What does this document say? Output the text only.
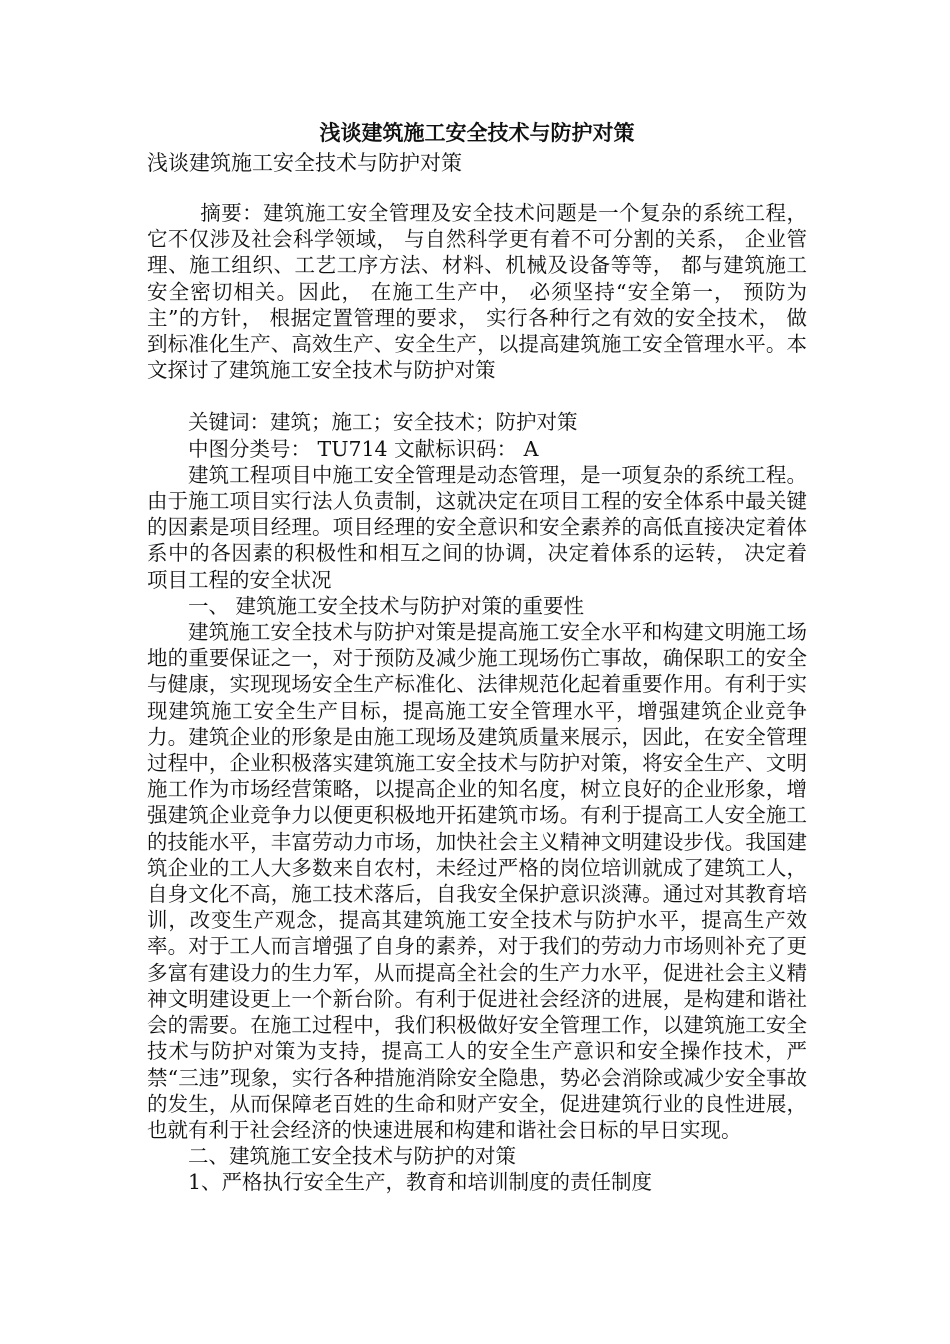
浅谈建筑施工安全技术与防护对策
浅谈建筑施工安全技术与防护对策

摘要：建筑施工安全管理及安全技术问题是一个复杂的系统工程， 它不仅涉及社会科学领域， 与自然科学更有着不可分割的关系， 企业管理、施工组织、工艺工序方法、材料、机械及设备等等， 都与建筑施工安全密切相关。因此， 在施工生产中， 必须坚持“安全第一， 预防为主”的方针， 根据定置管理的要求， 实行各种行之有效的安全技术， 做到标准化生产、高效生产、安全生产，以提高建筑施工安全管理水平。本文探讨了建筑施工安全技术与防护对策

关键词：建筑；施工；安全技术；防护对策

中图分类号： TU714 文献标识码： A

建筑工程项目中施工安全管理是动态管理，是一项复杂的系统工程。由于施工项目实行法人负责制，这就决定在项目工程的安全体系中最关键的因素是项目经理。项目经理的安全意识和安全素养的高低直接决定着体系中的各因素的积极性和相互之间的协调，决定着体系的运转， 决定着项目工程的安全状况

一、 建筑施工安全技术与防护对策的重要性

建筑施工安全技术与防护对策是提高施工安全水平和构建文明施工场地的重要保证之一，对于预防及减少施工现场伤亡事故，确保职工的安全与健康，实现现场安全生产标准化、法律规范化起着重要作用。有利于实现建筑施工安全生产目标，提高施工安全管理水平，增强建筑企业竞争力。建筑企业的形象是由施工现场及建筑质量来展示，因此，在安全管理过程中，企业积极落实建筑施工安全技术与防护对策，将安全生产、文明施工作为市场经营策略，以提高企业的知名度，树立良好的企业形象，增强建筑企业竞争力以便更积极地开拓建筑市场。有利于提高工人安全施工的技能水平，丰富劳动力市场，加快社会主义精神文明建设步伐。我国建筑企业的工人大多数来自农村，未经过严格的岗位培训就成了建筑工人，自身文化不高，施工技术落后，自我安全保护意识淡薄。通过对其教育培训，改变生产观念，提高其建筑施工安全技术与防护水平，提高生产效率。对于工人而言增强了自身的素养，对于我们的劳动力市场则补充了更多富有建设力的生力军，从而提高全社会的生产力水平，促进社会主义精神文明建设更上一个新台阶。有利于促进社会经济的进展，是构建和谐社会的需要。在施工过程中，我们积极做好安全管理工作，以建筑施工安全技术与防护对策为支持，提高工人的安全生产意识和安全操作技术，严禁“三违”现象，实行各种措施消除安全隐患，势必会消除或减少安全事故的发生，从而保障老百姓的生命和财产安全，促进建筑行业的良性进展，也就有利于社会经济的快速进展和构建和谐社会日标的早日实现。

二、建筑施工安全技术与防护的对策

1、严格执行安全生产，教育和培训制度的责任制度
